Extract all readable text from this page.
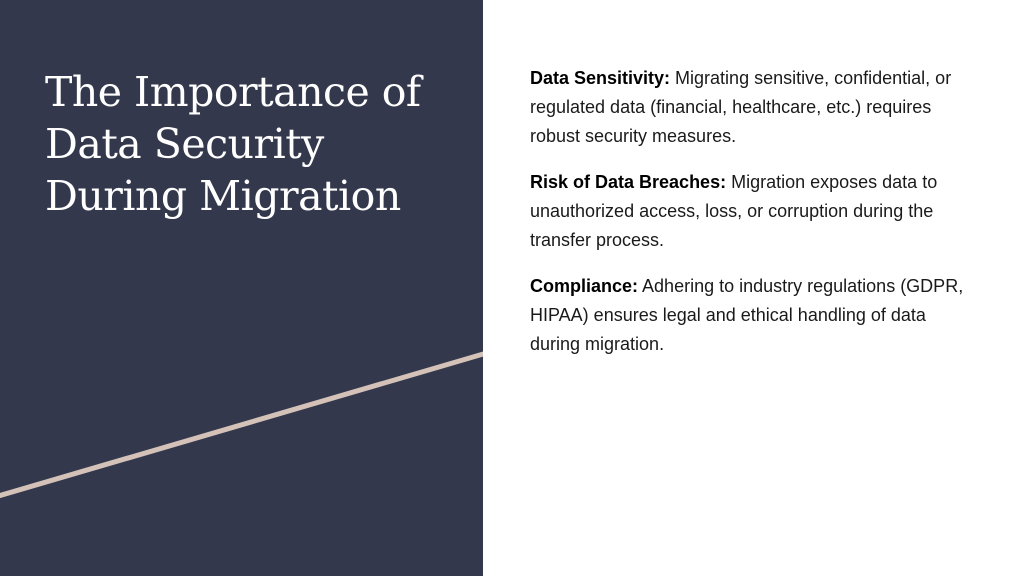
The Importance of Data Security During Migration

Data Sensitivity: Migrating sensitive, confidential, or regulated data (financial, healthcare, etc.) requires robust security measures.

Risk of Data Breaches: Migration exposes data to unauthorized access, loss, or corruption during the transfer process.

Compliance: Adhering to industry regulations (GDPR, HIPAA) ensures legal and ethical handling of data during migration.
